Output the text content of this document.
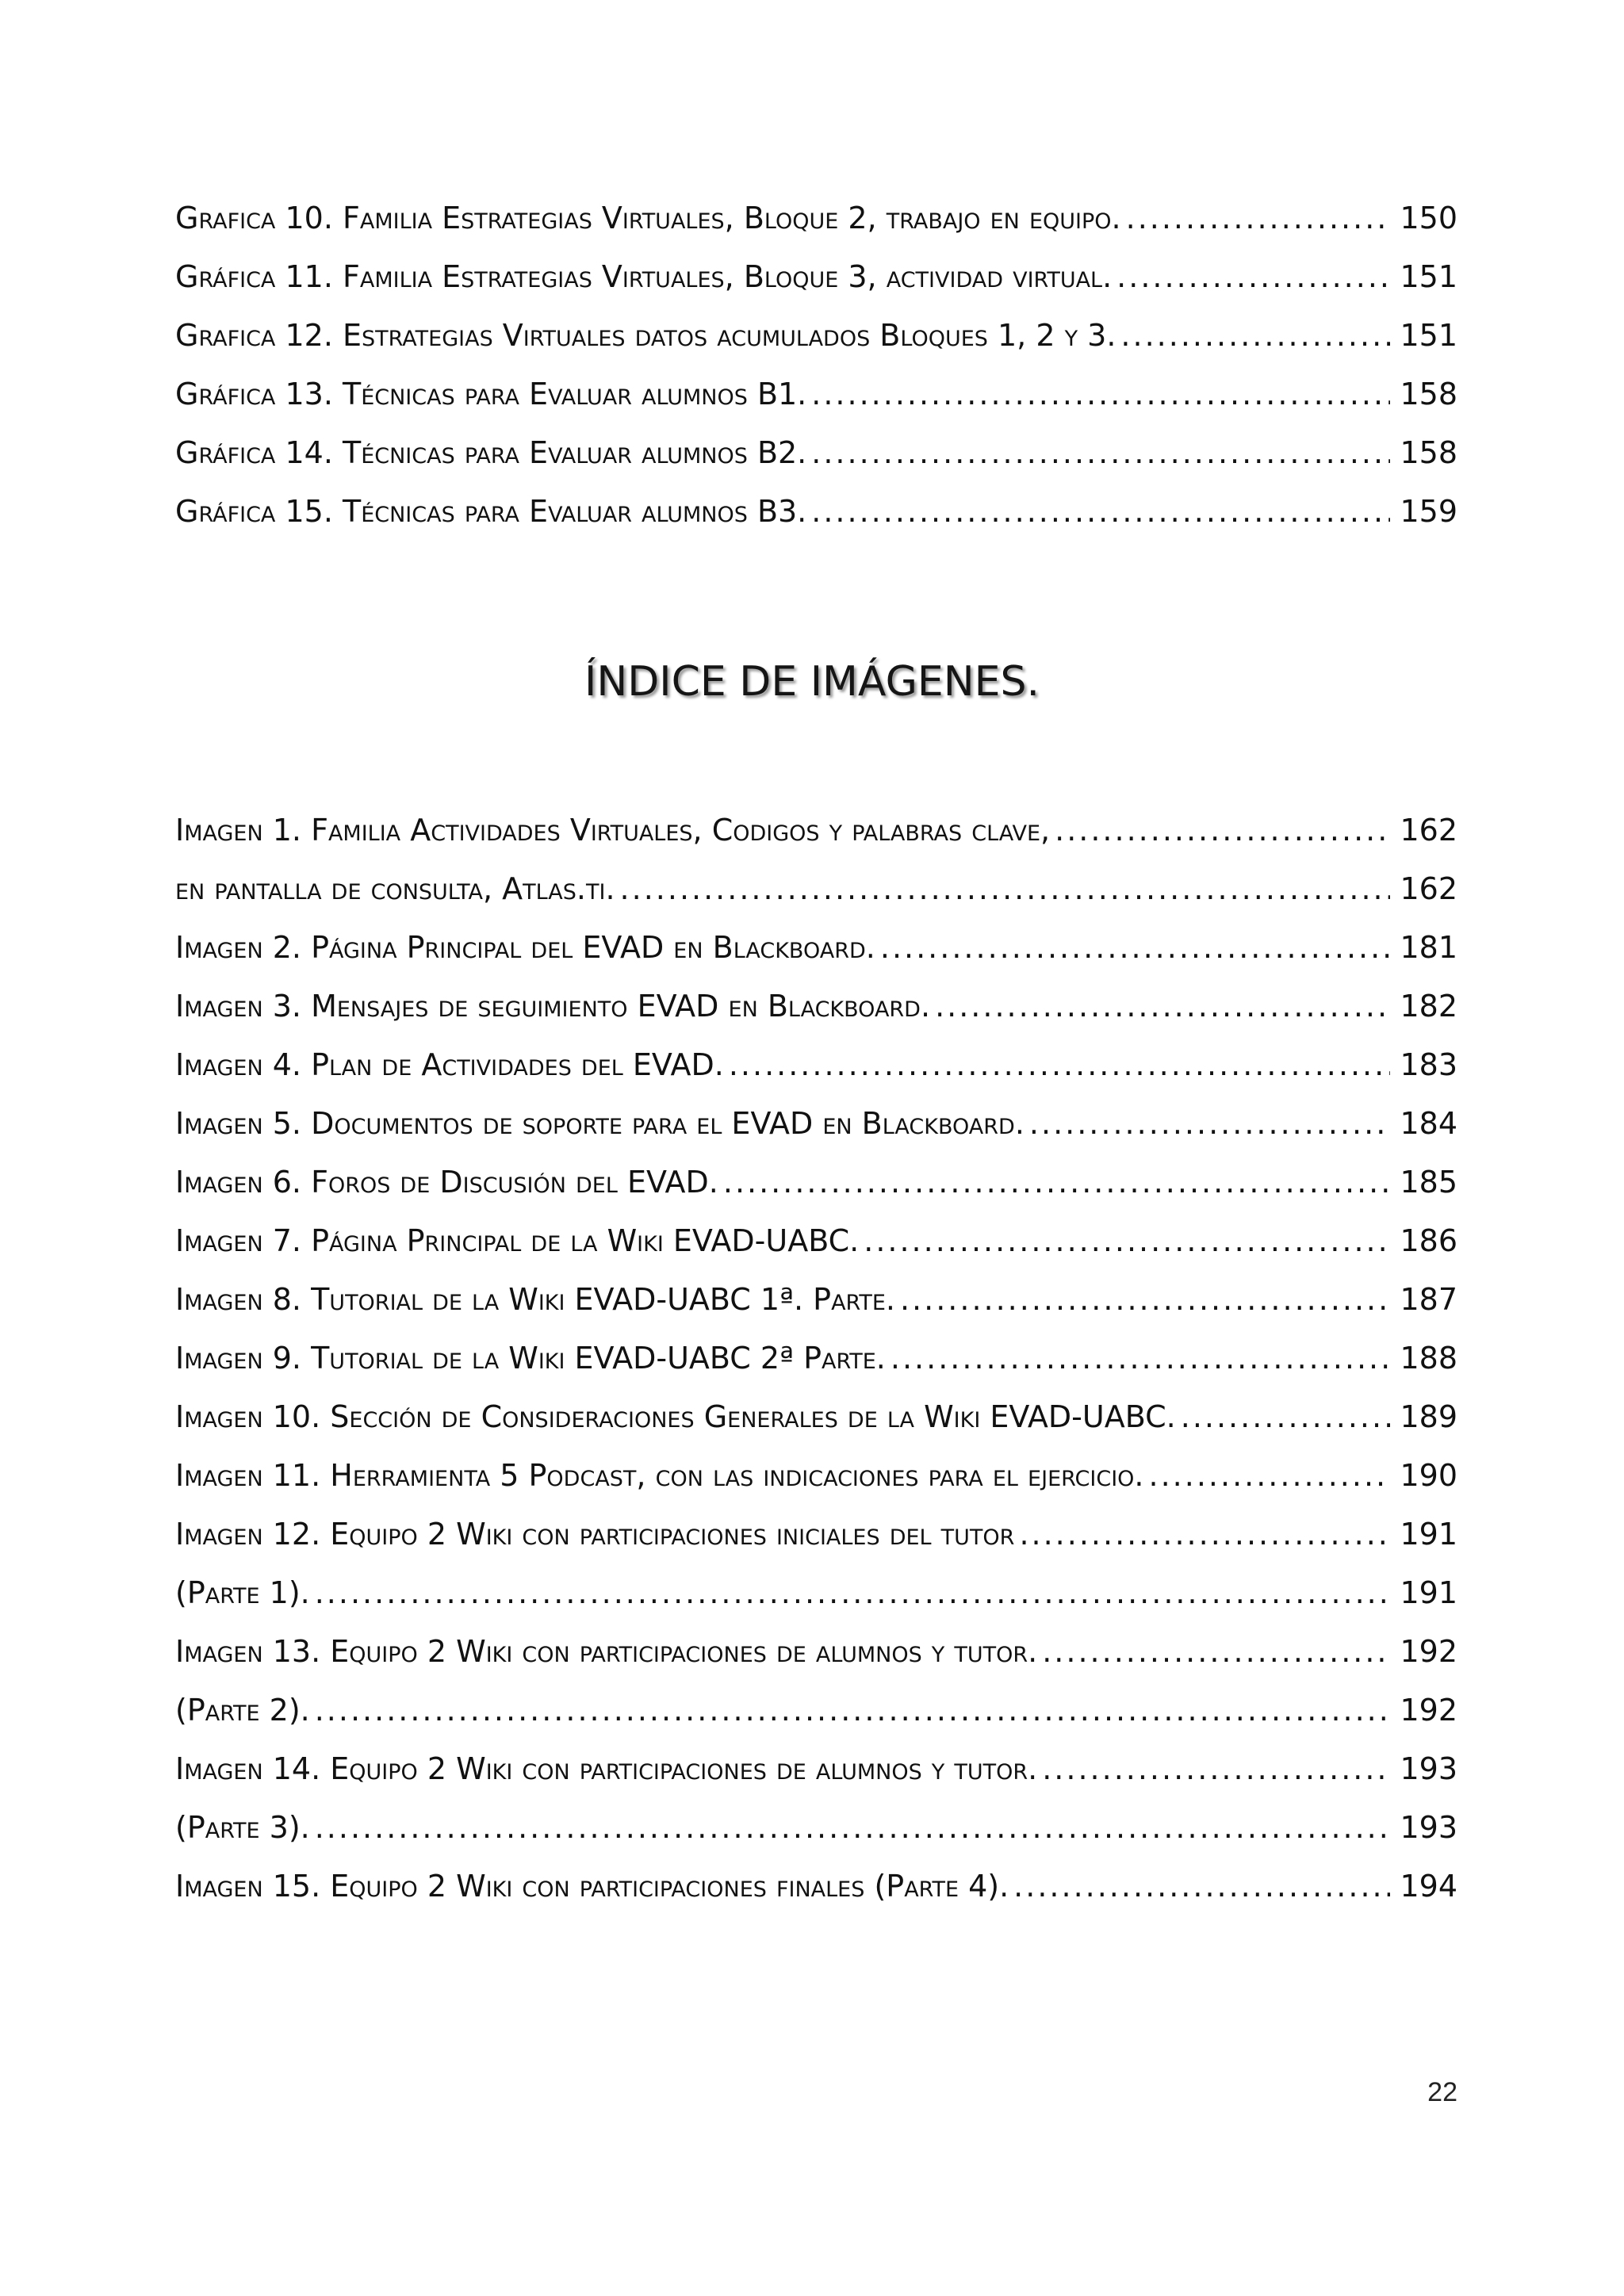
Grafica 10. Familia Estrategias Virtuales, Bloque 2, trabajo en equipo. .....	150
Gráfica 11. Familia Estrategias Virtuales, Bloque 3, actividad virtual. .....	151
Grafica 12. Estrategias Virtuales datos acumulados Bloques 1, 2 y 3. .....	151
Gráfica 13. Técnicas para Evaluar alumnos B1. .....	158
Gráfica 14. Técnicas para Evaluar alumnos B2. .....	158
Gráfica 15. Técnicas para Evaluar alumnos B3. .....	159
ÍNDICE DE IMÁGENES.
Imagen 1. Familia Actividades Virtuales, Codigos y palabras clave, .....	162
en pantalla de consulta, Atlas.ti. .....	162
Imagen 2. Página Principal del EVAD en Blackboard. .....	181
Imagen 3. Mensajes de seguimiento EVAD en Blackboard. .....	182
Imagen 4. Plan de Actividades del EVAD. .....	183
Imagen 5. Documentos de soporte para el EVAD en Blackboard. .....	184
Imagen 6. Foros de Discusión del EVAD. .....	185
Imagen 7. Página Principal de la Wiki EVAD-UABC. .....	186
Imagen 8. Tutorial de la Wiki EVAD-UABC 1ª. Parte. .....	187
Imagen 9. Tutorial de la Wiki EVAD-UABC 2ª Parte. .....	188
Imagen 10. Sección de Consideraciones Generales de la Wiki EVAD-UABC. .....	189
Imagen 11. Herramienta 5 Podcast, con las indicaciones para el ejercicio. .....	190
Imagen 12. Equipo 2 Wiki con participaciones iniciales del tutor .....	191
(Parte 1). .....	191
Imagen 13. Equipo 2 Wiki con participaciones de alumnos y tutor. .....	192
(Parte 2). .....	192
Imagen 14. Equipo 2 Wiki con participaciones de alumnos y tutor. .....	193
(Parte 3). .....	193
Imagen 15. Equipo 2 Wiki con participaciones finales (Parte 4). .....	194
22
